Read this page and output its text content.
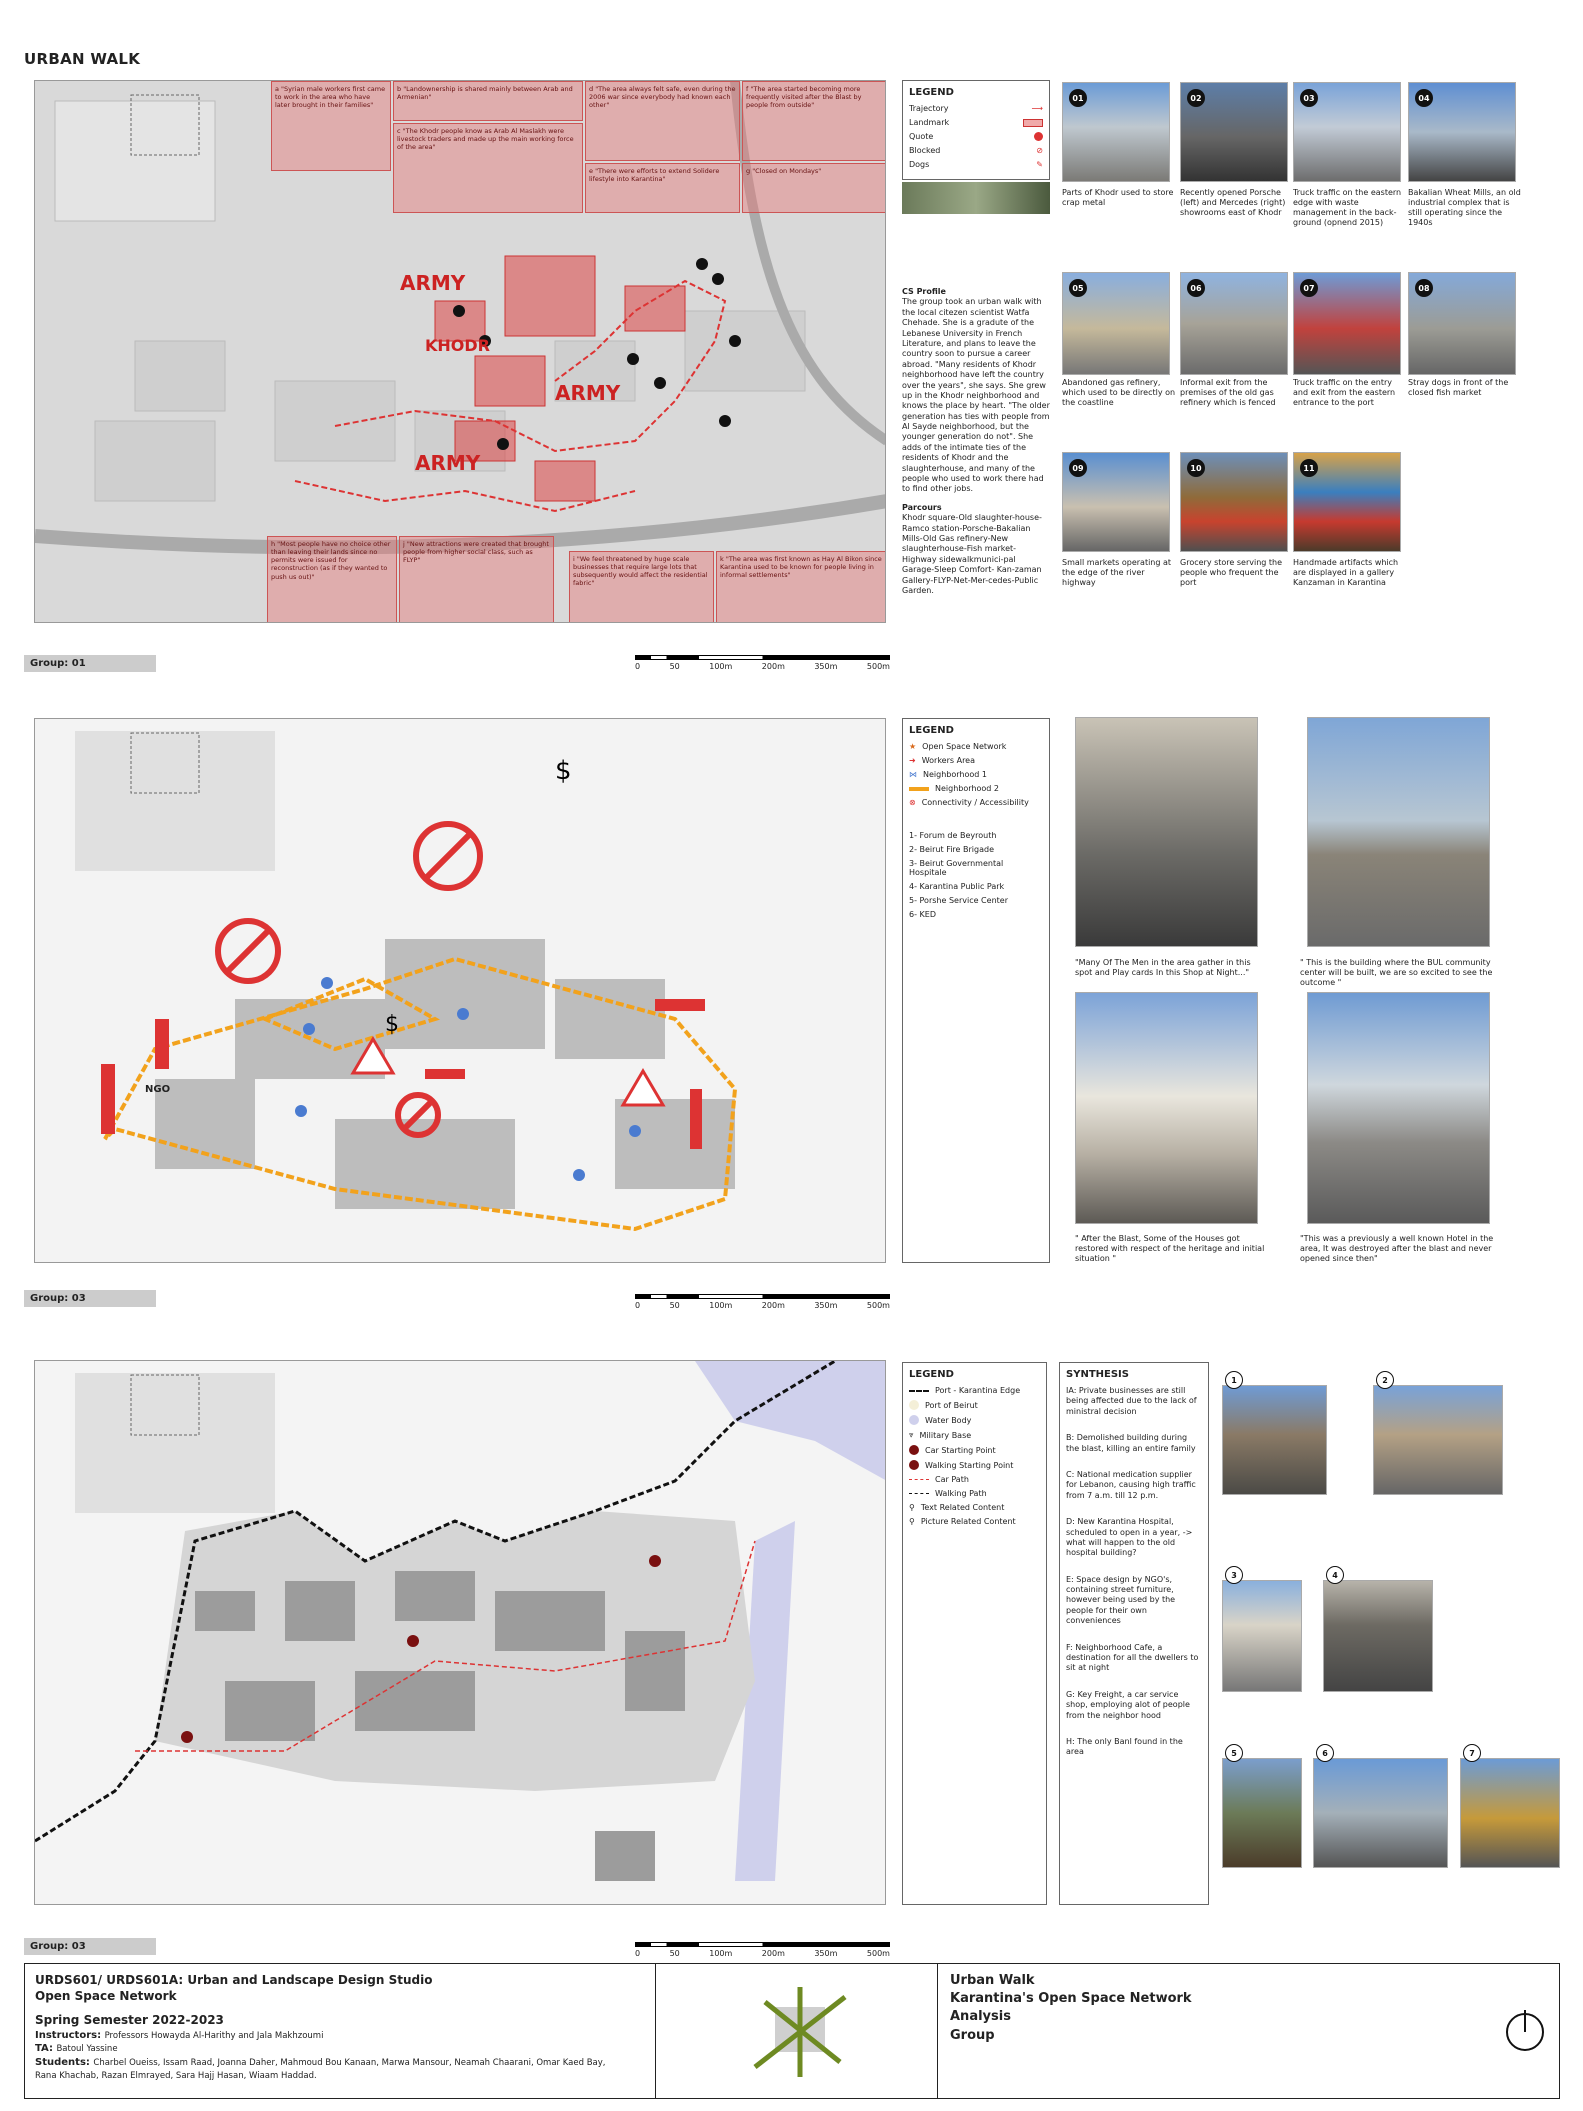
URBAN WALK
ARMY
KHODR
ARMY
ARMY
a "Syrian male workers first came to work in the area who have later brought in their families"
b "Landownership is shared mainly between Arab and Armenian"
c "The Khodr people know as Arab Al Maslakh were livestock traders and made up the main working force of the area"
d "The area always felt safe, even during the 2006 war since everybody had known each other"
e "There were efforts to extend Solidere lifestyle into Karantina"
f "The area started becoming more frequently visited after the Blast by people from outside"
g "Closed on Mondays"
h "Most people have no choice other than leaving their lands since no permits were issued for reconstruction (as if they wanted to push us out)"
j "New attractions were created that brought people from higher social class, such as FLYP"	i "We feel threatened by huge scale businesses that require large lots that subsequently would affect the residential fabric"
k "The area was first known as Hay Al Bikon since Karantina used to be known for people living in informal settlements"
LEGEND
Trajectory	⟶
Landmark
Quote
Blocked	⊘
Dogs	✎
CS Profile
The group took an urban walk with the local citezen scientist Watfa Chehade. She is a gradute of the Lebanese University in French Literature, and plans to leave the country soon to pursue a career abroad. "Many residents of Khodr neighborhood have left the country over the years", she says. She grew up in the Khodr neighborhood and knows the place by heart. "The older generation has ties with people from Al Sayde neighborhood, but the younger generation do not". She adds of the intimate ties of the residents of Khodr and the slaughterhouse, and many of the people who used to work there had to find other jobs.
Parcours
Khodr square-Old slaughter-house-Ramco station-Porsche-Bakalian Mills-Old Gas refinery-New slaughterhouse-Fish market-Highway sidewalkmunici-pal Garage-Sleep Comfort- Kan-zaman Gallery-FLYP-Net-Mer-cedes-Public Garden.
01
Parts of Khodr used to store crap metal
02
Recently opened Porsche (left) and Mercedes (right) showrooms east of Khodr
03
Truck traffic on the eastern edge with waste management in the back-ground (opnend 2015)
04
Bakalian Wheat Mills, an old industrial complex that is still operating since the 1940s
05
Abandoned gas refinery, which used to be directly on the coastline
06
Informal exit from the premises of the old gas refinery which is fenced
07
Truck traffic on the entry and exit from the eastern entrance to the port
08
Stray dogs in front of the closed fish market
09
Small markets operating at the edge of the river highway
10
Grocery store serving the people who frequent the port
11
Handmade artifacts which are displayed in a gallery Kanzaman in Karantina
Group: 01	0	50	100m	200m	350m	500m
$
$
NGO
LEGEND
★ Open Space Network
➜ Workers Area
⋈ Neighborhood 1
Neighborhood 2
⊗ Connectivity / Accessibility
1- Forum de Beyrouth
2- Beirut Fire Brigade
3- Beirut Governmental Hospitale
4- Karantina Public Park
5- Porshe Service Center
6- KED
"Many Of The Men in the area gather in this spot and Play cards In this Shop at Night..."
" This is the building where the BUL community center will be built, we are so excited to see the outcome "
" After the Blast, Some of the Houses got restored with respect of the heritage and initial situation "
"This was a previously a well known Hotel in the area, It was destroyed after the blast and never opened since then"
Group: 03
0	50	100m	200m	350m	500m
LEGEND
Port - Karantina Edge
Port of Beirut
Water Body
⩔ Military Base
Car Starting Point
Walking Starting Point
Car Path
Walking Path
⚲ Text Related Content
⚲ Picture Related Content
SYNTHESIS
IA: Private businesses are still being affected due to the lack of ministral decision
B: Demolished building during the blast, killing an entire family
C: National medication supplier for Lebanon, causing high traffic from 7 a.m. till 12 p.m.
D: New Karantina Hospital, scheduled to open in a year, -> what will happen to the old hospital building?
E: Space design by NGO's, containing street furniture, however being used by the people for their own conveniences
F: Neighborhood Cafe, a destination for all the dwellers to sit at night
G: Key Freight, a car service shop, employing alot of people from the neighbor hood
H: The only Banl found in the area
1	2
3	4
5	6	7
Group: 03
0	50	100m	200m	350m	500m
URDS601/ URDS601A: Urban and Landscape Design Studio
Open Space Network
Spring Semester 2022-2023
Instructors: Professors Howayda Al-Harithy and Jala Makhzoumi
TA: Batoul Yassine
Students: Charbel Oueiss, Issam Raad, Joanna Daher, Mahmoud Bou Kanaan, Marwa Mansour, Neamah Chaarani, Omar Kaed Bay, Rana Khachab, Razan Elmrayed, Sara Hajj Hasan, Wiaam Haddad.
Urban Walk
Karantina's Open Space Network
Analysis
Group
